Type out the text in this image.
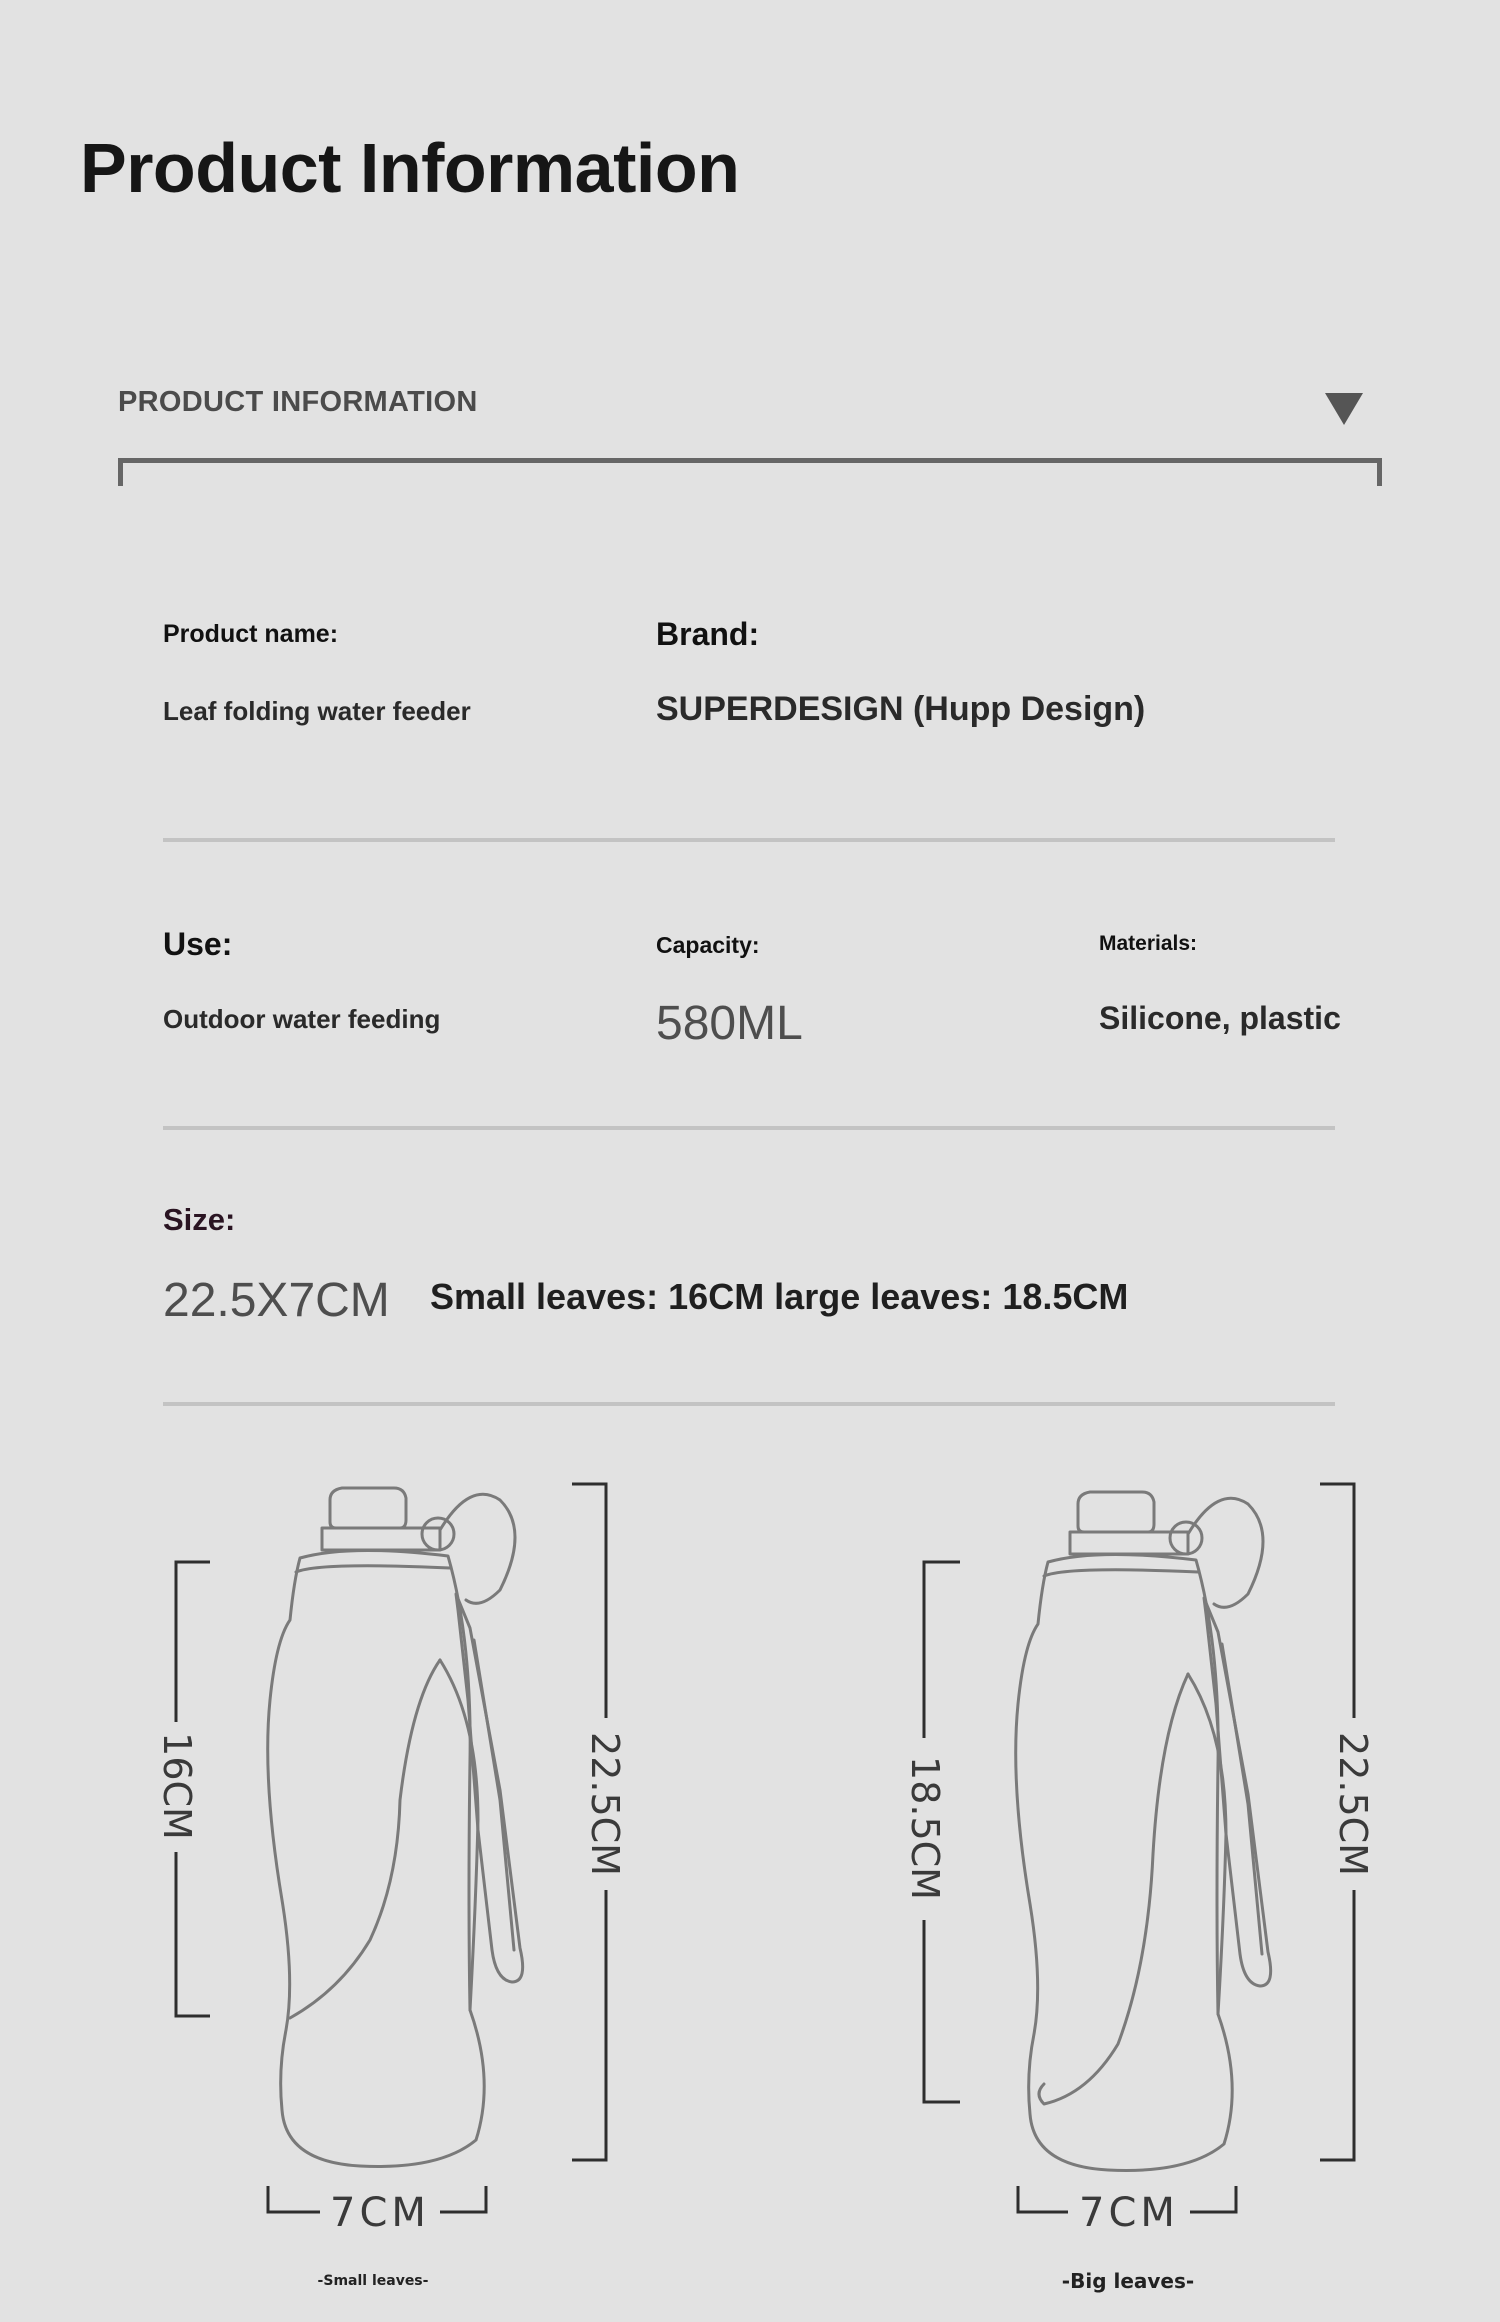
Product Information
PRODUCT INFORMATION
Product name:
Leaf folding water feeder
Brand:
SUPERDESIGN (Hupp Design)
Use:
Outdoor water feeding
Capacity:
580ML
Materials:
Silicone, plastic
Size:
22.5X7CM Small leaves: 16CM large leaves: 18.5CM
16CM	22.5CM
7CM
-Small leaves-
18.5CM	22.5CM
7CM
-Big leaves-
